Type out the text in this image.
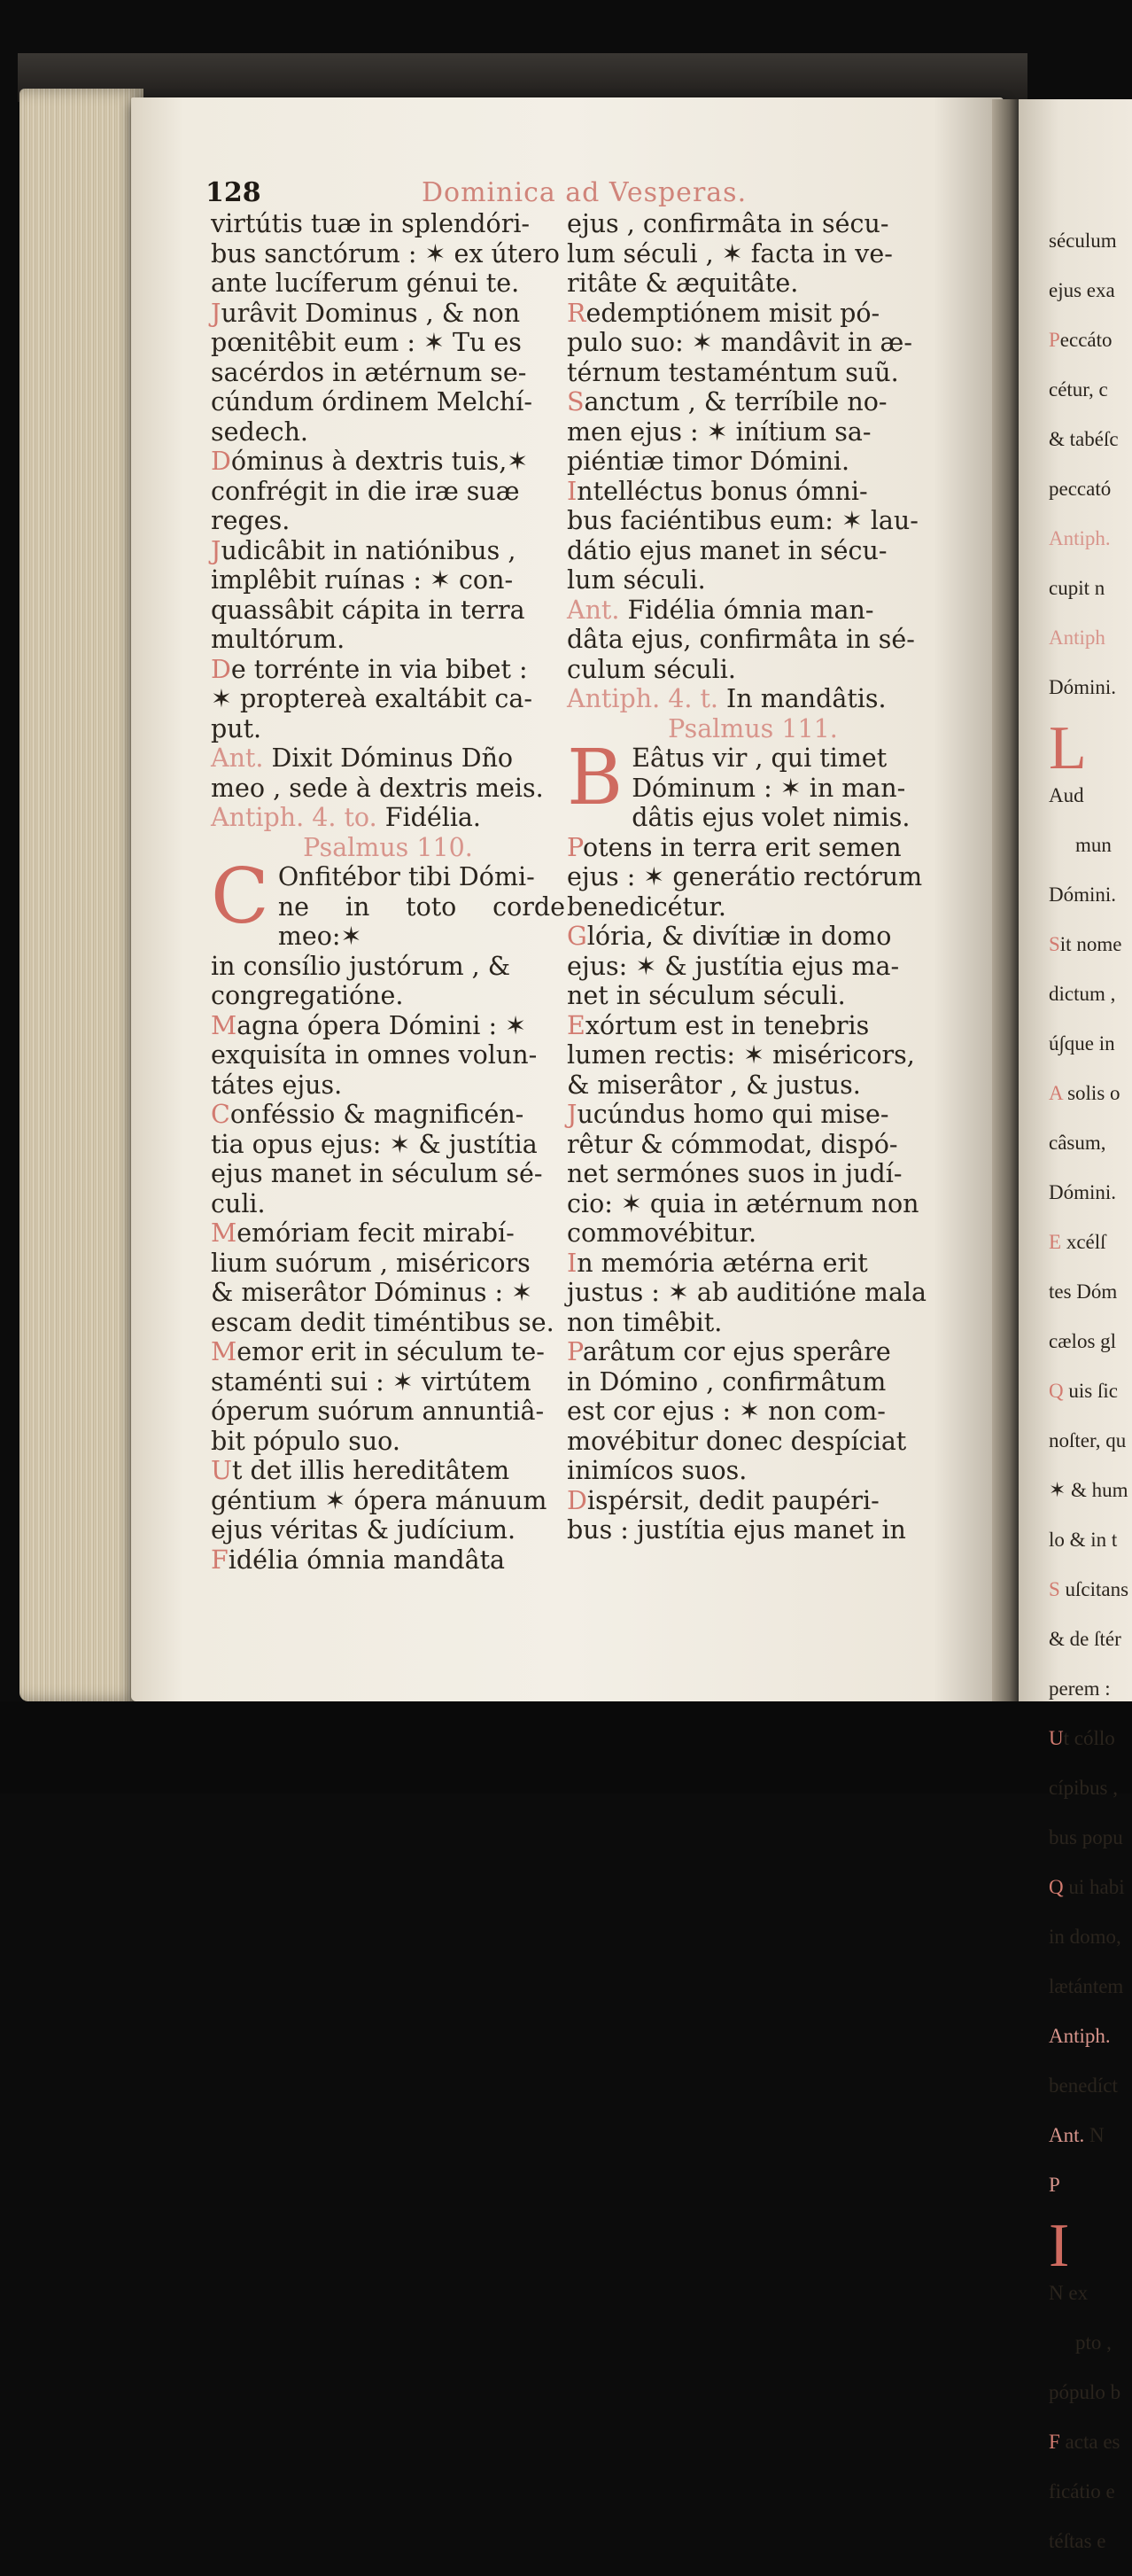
128	Dominica ad Vesperas.

virtútis tuæ in splendóri-

bus sanctórum : ✶ ex útero

ante lucíferum génui te.

Jurâvit Dominus , & non

pœnitêbit eum : ✶ Tu es

sacérdos in ætérnum se-

cúndum órdinem Melchí-

sedech.

Dóminus à dextris tuis,✶

confrégit in die iræ suæ

reges.

Judicâbit in natiónibus ,

implêbit ruínas : ✶ con-

quassâbit cápita in terra

multórum.

De torrénte in via bibet :

✶ proptereà exaltábit ca-

put.

Ant. Dixit Dóminus Dño

meo , sede à dextris meis.

Antiph. 4. to. Fidélia.

Psalmus 110.

C Onfitébor tibi Dómi-

ne in toto corde meo:✶

in consílio justórum , &

congregatióne.

Magna ópera Dómini : ✶

exquisíta in omnes volun-

tátes ejus.

Conféssio & magnificén-

tia opus ejus: ✶ & justítia

ejus manet in séculum sé-

culi.

Memóriam fecit mirabí-

lium suórum , miséricors

& miserâtor Dóminus : ✶

escam dedit timéntibus se.

Memor erit in séculum te-

staménti sui : ✶ virtútem

óperum suórum annuntiâ-

bit pópulo suo.

Ut det illis hereditâtem

géntium ✶ ópera mánuum

ejus véritas & judícium.

Fidélia ómnia mandâta

ejus , confirmâta in sécu-

lum séculi , ✶ facta in ve-

ritâte & æquitâte.

Redemptiónem misit pó-

pulo suo: ✶ mandâvit in æ-

térnum testaméntum suũ.

Sanctum , & terríbile no-

men ejus : ✶ inítium sa-

piéntiæ timor Dómini.

Intelléctus bonus ómni-

bus faciéntibus eum: ✶ lau-

dátio ejus manet in sécu-

lum séculi.

Ant. Fidélia ómnia man-

dâta ejus, confirmâta in sé-

culum séculi.

Antiph. 4. t. In mandâtis.

Psalmus 111.

B Eâtus vir , qui timet

Dóminum : ✶ in man-

dâtis ejus volet nimis.

Potens in terra erit semen

ejus : ✶ generátio rectórum

benedicétur.

Glória, & divítiæ in domo

ejus: ✶ & justítia ejus ma-

net in séculum séculi.

Exórtum est in tenebris

lumen rectis: ✶ miséricors,

& miserâtor , & justus.

Jucúndus homo qui mise-

rêtur & cómmodat, dispó-

net sermónes suos in judí-

cio: ✶ quia in ætérnum non

commovébitur.

In memória ætérna erit

justus : ✶ ab auditióne mala

non timêbit.

Parâtum cor ejus sperâre

in Dómino , confirmâtum

est cor ejus : ✶ non com-

movébitur donec despíciat

inimícos suos.

Dispérsit, dedit paupéri-

bus : justítia ejus manet in

séculum

ejus exa

Peccáto

cétur, c

& tabéſc

peccató

Antiph.

cupit n

Antiph

Dómini.

L
Aud

mun

Dómini.

Sit nome

dictum ,

ú∫que in

A solis o

câsum,

Dómini.

E xcélſ

tes Dóm

cælos gl

Q uis ſic

noſter, qu

✶ & hum

lo & in t

S uſcitans

& de ſtér

perem :

Ut cóllo

cípibus ,

bus popu

Q ui habi

in domo,

lætántem

Antiph.

benedíct

Ant. N

P

I
N ex

pto ,

pópulo b

F acta es

ficátio e

téſtas e
